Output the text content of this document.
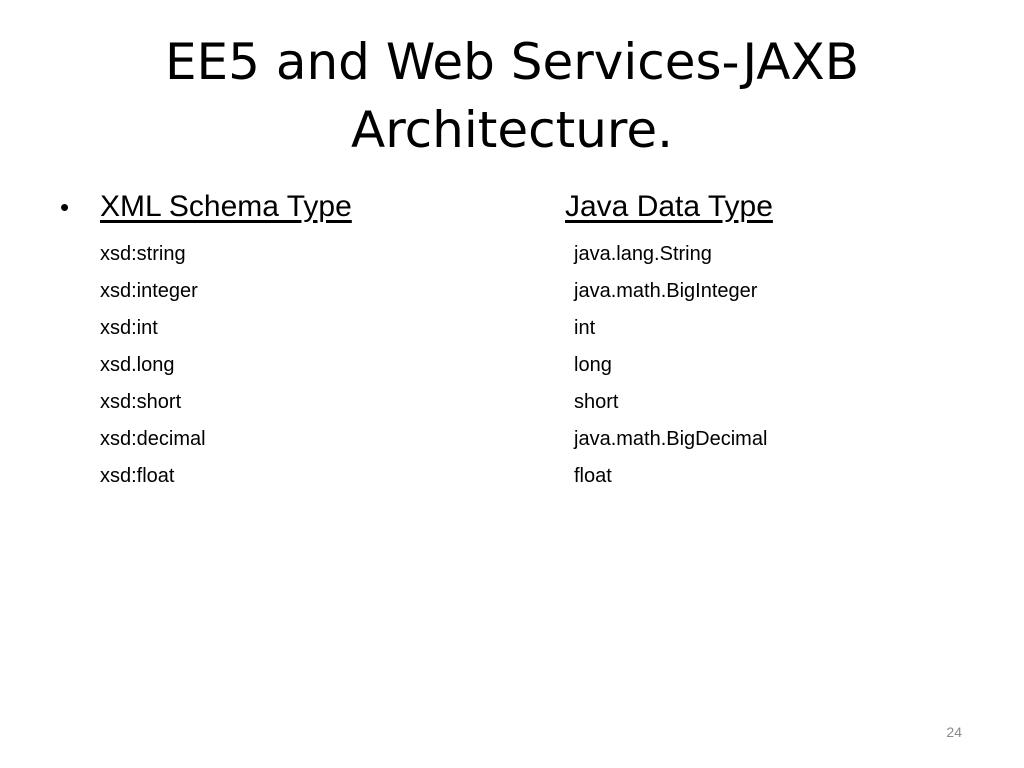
EE5 and Web Services-JAXB
Architecture.
•	XML Schema Type	Java Data Type
xsd:string	java.lang.String
xsd:integer	java.math.BigInteger
xsd:int	int
xsd.long	long
xsd:short	short
xsd:decimal	java.math.BigDecimal
xsd:float	float
24
